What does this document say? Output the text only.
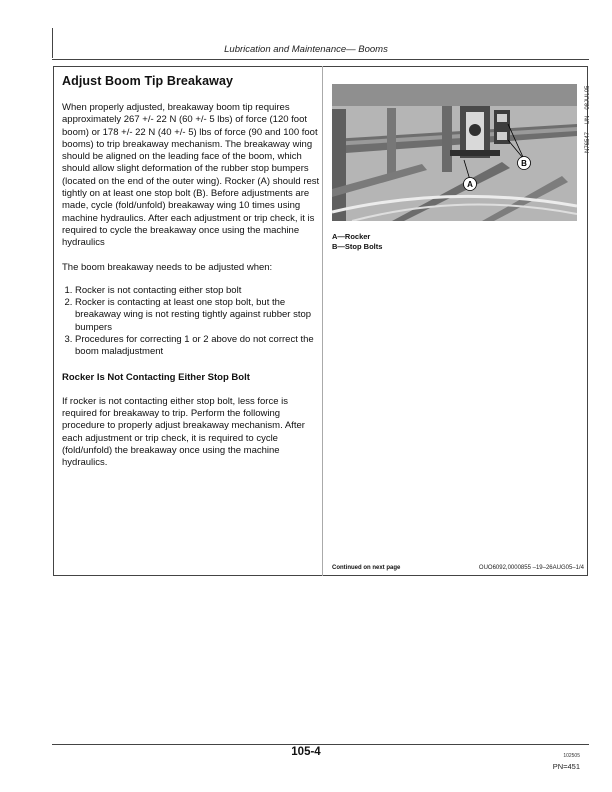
Lubrication and Maintenance— Booms
Adjust Boom Tip Breakaway

When properly adjusted, breakaway boom tip requires approximately 267 +/- 22 N (60 +/- 5 lbs) of force (120 foot boom) or 178 +/- 22 N (40 +/- 5) lbs of force (90 and 100 foot booms) to trip breakaway mechanism. The breakaway wing should be aligned on the leading face of the boom, which should allow slight deformation of the rubber stop bumpers (located on the end of the outer wing). Rocker (A) should rest tightly on at least one stop bolt (B). Before adjustments are made, cycle (fold/unfold) breakaway wing 10 times using machine hydraulics. After each adjustment or trip check, it is required to cycle the breakaway once using the machine hydraulics

The boom breakaway needs to be adjusted when:

1. Rocker is not contacting either stop bolt
2. Rocker is contacting at least one stop bolt, but the breakaway wing is not resting tightly against rubber stop bumpers
3. Procedures for correcting 1 or 2 above do not correct the boom maladjustment
Rocker Is Not Contacting Either Stop Bolt

If rocker is not contacting either stop bolt, less force is required for breakaway to trip. Perform the following procedure to properly adjust breakaway mechanism. After each adjustment or trip check, it is required to cycle (fold/unfold) the breakaway once using the machine hydraulics.

A
B
N76547 —UN—08JUL05
A—Rocker
B—Stop Bolts
Continued on next page	OUO6092,0000855 –19–26AUG05–1/4
105-4	102505
PN=451
